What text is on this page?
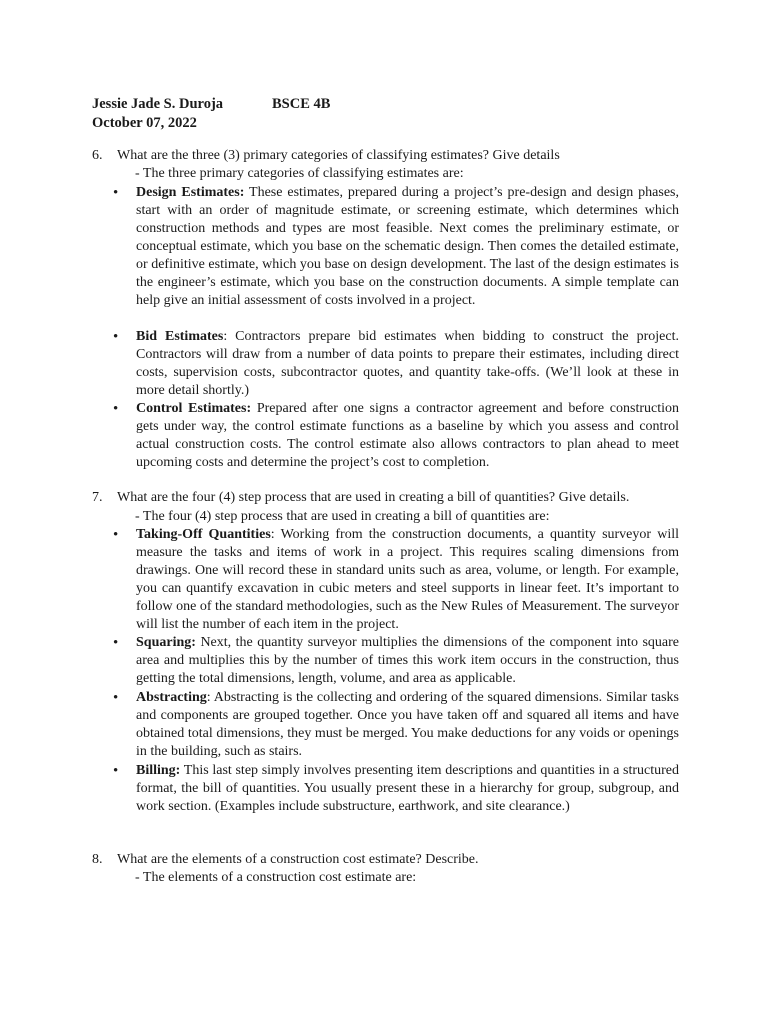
Jessie Jade S. Duroja	BSCE 4B
October 07, 2022
6. What are the three (3) primary categories of classifying estimates? Give details
- The three primary categories of classifying estimates are:
• Design Estimates: These estimates, prepared during a project’s pre-design and design phases, start with an order of magnitude estimate, or screening estimate, which determines which construction methods and types are most feasible. Next comes the preliminary estimate, or conceptual estimate, which you base on the schematic design. Then comes the detailed estimate, or definitive estimate, which you base on design development. The last of the design estimates is the engineer’s estimate, which you base on the construction documents. A simple template can help give an initial assessment of costs involved in a project.
• Bid Estimates: Contractors prepare bid estimates when bidding to construct the project. Contractors will draw from a number of data points to prepare their estimates, including direct costs, supervision costs, subcontractor quotes, and quantity take-offs. (We’ll look at these in more detail shortly.)
• Control Estimates: Prepared after one signs a contractor agreement and before construction gets under way, the control estimate functions as a baseline by which you assess and control actual construction costs. The control estimate also allows contractors to plan ahead to meet upcoming costs and determine the project’s cost to completion.
7. What are the four (4) step process that are used in creating a bill of quantities? Give details.
- The four (4) step process that are used in creating a bill of quantities are:
• Taking-Off Quantities: Working from the construction documents, a quantity surveyor will measure the tasks and items of work in a project. This requires scaling dimensions from drawings. One will record these in standard units such as area, volume, or length. For example, you can quantify excavation in cubic meters and steel supports in linear feet. It’s important to follow one of the standard methodologies, such as the New Rules of Measurement. The surveyor will list the number of each item in the project.
• Squaring: Next, the quantity surveyor multiplies the dimensions of the component into square area and multiplies this by the number of times this work item occurs in the construction, thus getting the total dimensions, length, volume, and area as applicable.
• Abstracting: Abstracting is the collecting and ordering of the squared dimensions. Similar tasks and components are grouped together. Once you have taken off and squared all items and have obtained total dimensions, they must be merged. You make deductions for any voids or openings in the building, such as stairs.
• Billing: This last step simply involves presenting item descriptions and quantities in a structured format, the bill of quantities. You usually present these in a hierarchy for group, subgroup, and work section. (Examples include substructure, earthwork, and site clearance.)
8. What are the elements of a construction cost estimate? Describe.
- The elements of a construction cost estimate are:
